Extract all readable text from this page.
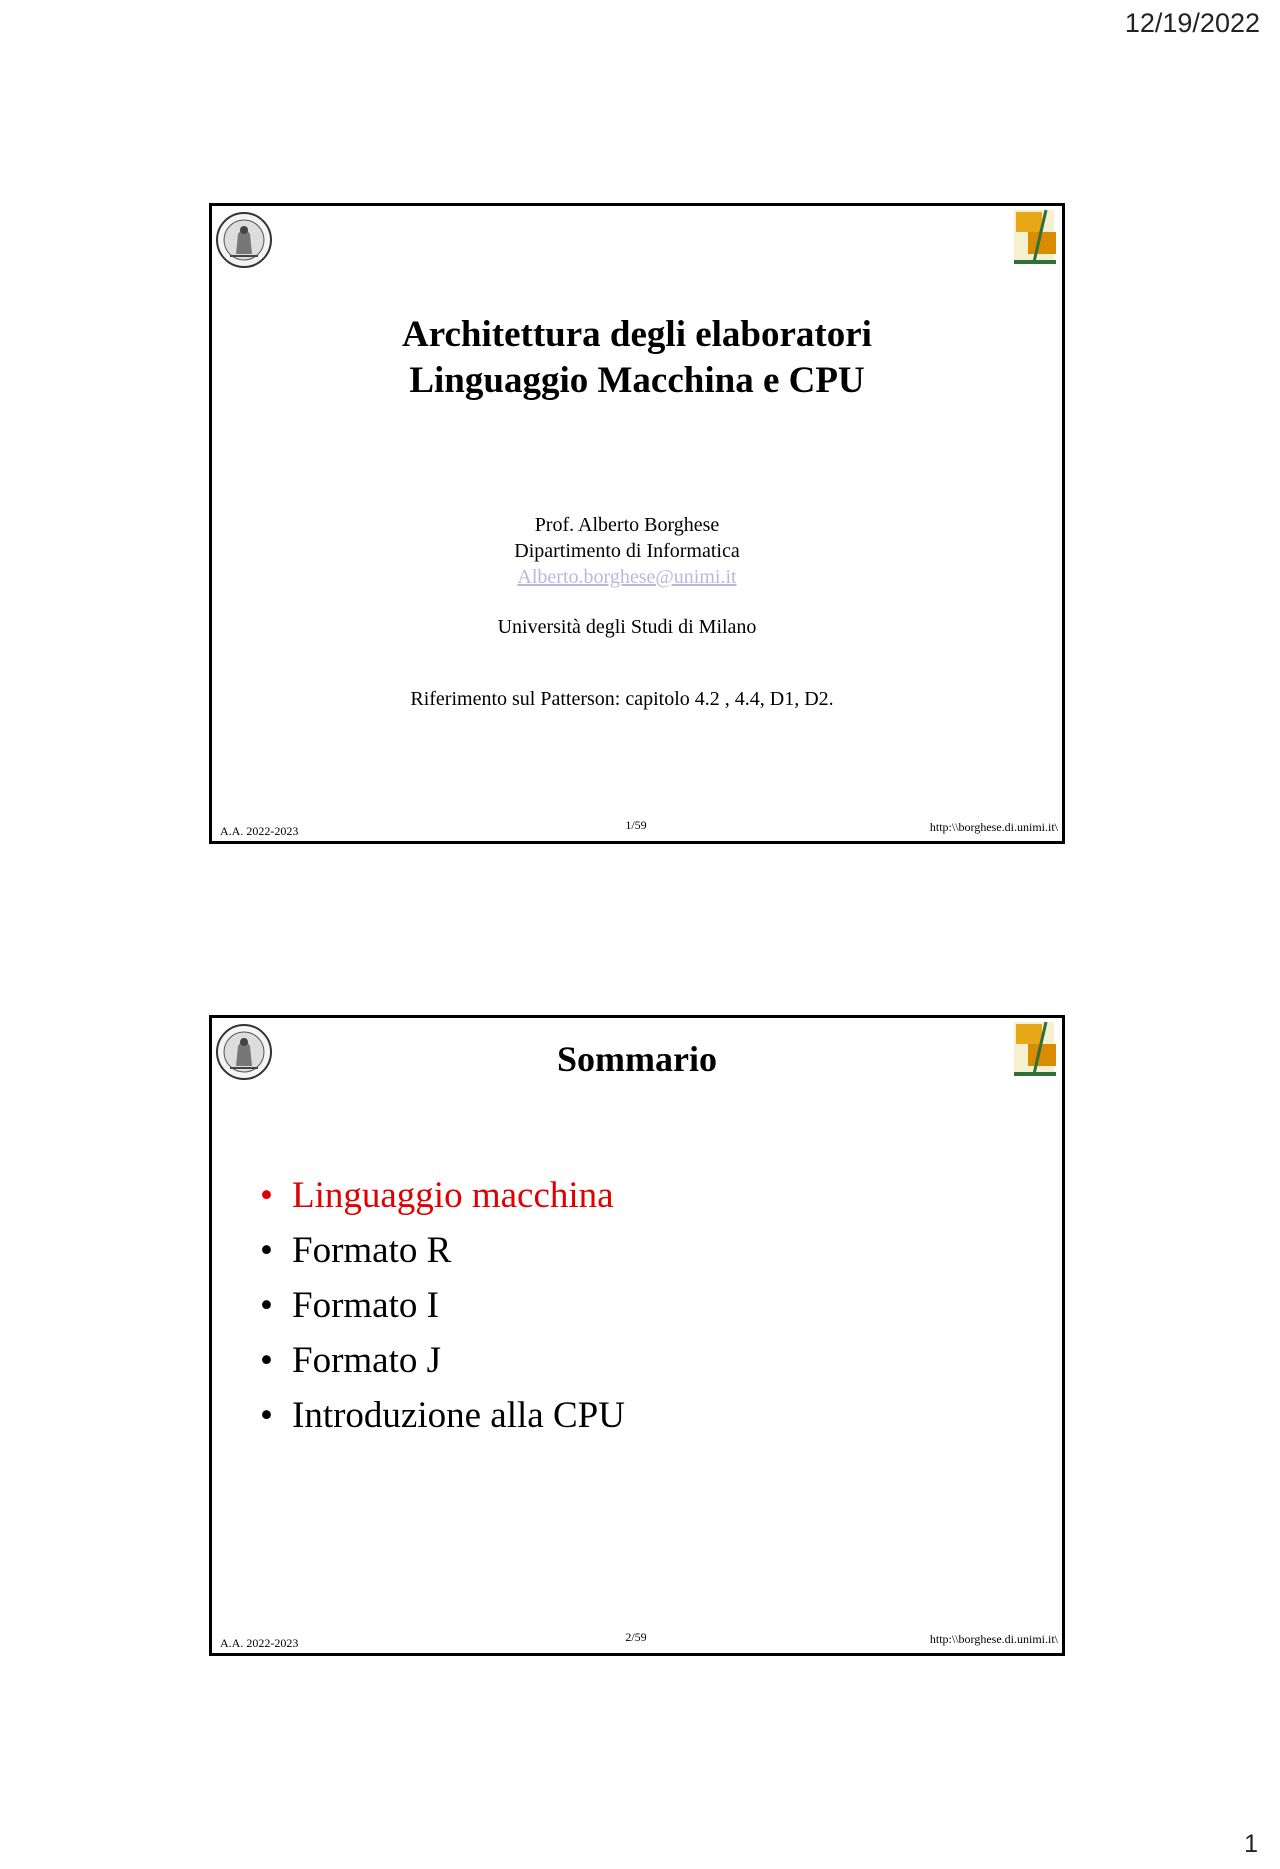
12/19/2022
Architettura degli elaboratori
Linguaggio Macchina e CPU
Prof. Alberto Borghese
Dipartimento di Informatica
Alberto.borghese@unimi.it
Università degli Studi di Milano
Riferimento sul Patterson: capitolo 4.2 , 4.4, D1, D2.
A.A. 2022-2023	1/59	http:\\borghese.di.unimi.it\
Sommario
• Linguaggio macchina
• Formato R
• Formato I
• Formato J
• Introduzione alla CPU
A.A. 2022-2023	2/59	http:\\borghese.di.unimi.it\
1
